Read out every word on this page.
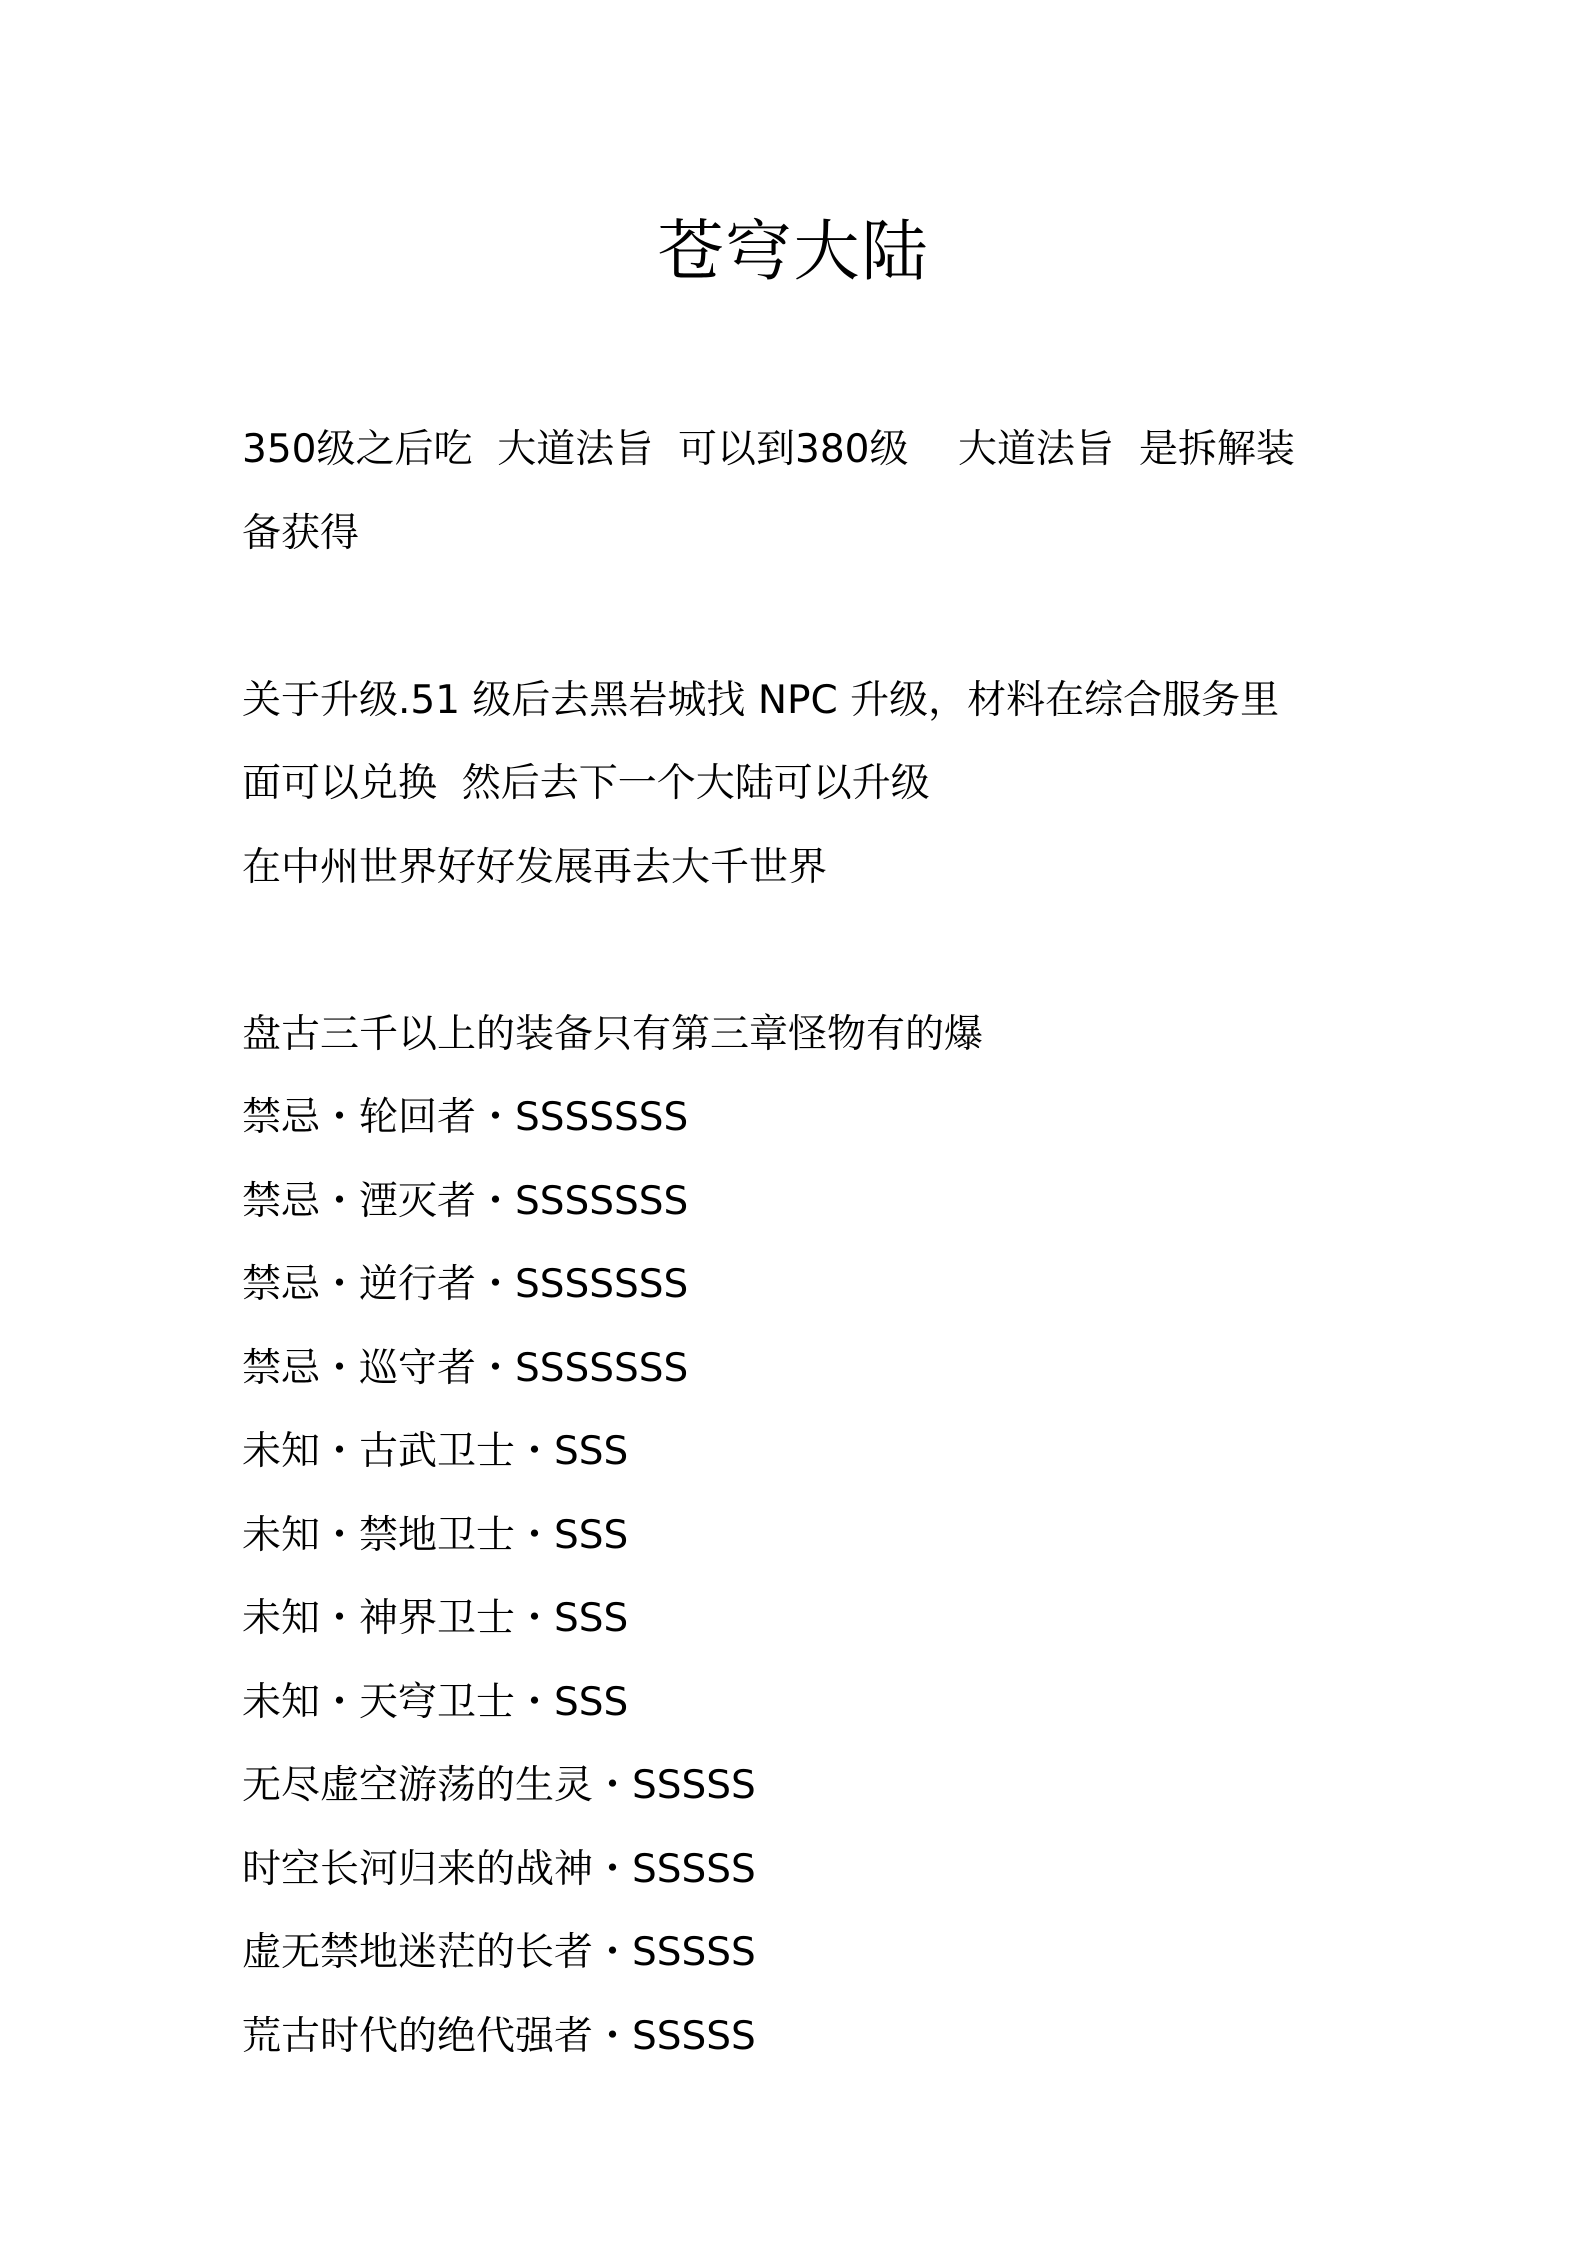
苍穹大陆
350级之后吃  大道法旨  可以到380级    大道法旨  是拆解装
备获得
关于升级.51 级后去黑岩城找 NPC 升级，材料在综合服务里
面可以兑换  然后去下一个大陆可以升级
在中州世界好好发展再去大千世界
盘古三千以上的装备只有第三章怪物有的爆
禁忌・轮回者・SSSSSSS
禁忌・湮灭者・SSSSSSS
禁忌・逆行者・SSSSSSS
禁忌・巡守者・SSSSSSS
未知・古武卫士・SSS
未知・禁地卫士・SSS
未知・神界卫士・SSS
未知・天穹卫士・SSS
无尽虚空游荡的生灵・SSSSS
时空长河归来的战神・SSSSS
虚无禁地迷茫的长者・SSSSS
荒古时代的绝代强者・SSSSS
